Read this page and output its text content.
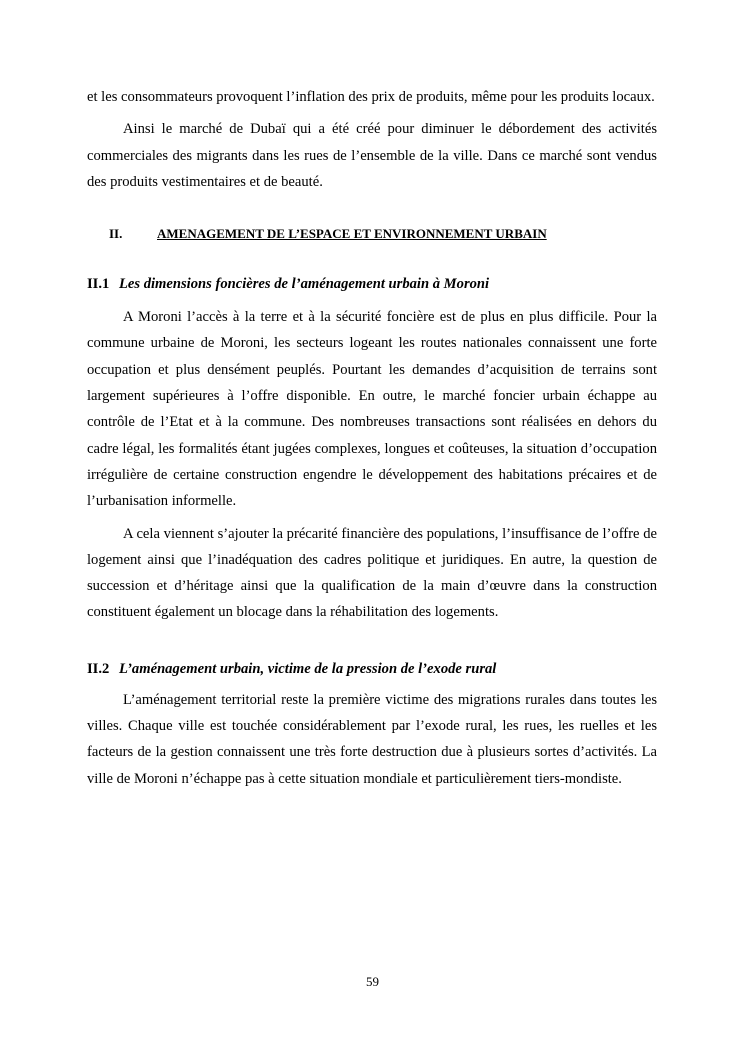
et les consommateurs provoquent l’inflation des prix de produits, même pour les produits locaux.

Ainsi le marché de Dubaï qui a été créé pour diminuer le débordement des activités commerciales des migrants dans les rues de l’ensemble de la ville. Dans ce marché sont vendus des produits vestimentaires et de beauté.

II.	AMENAGEMENT DE L’ESPACE ET ENVIRONNEMENT URBAIN
II.1 Les dimensions foncières de l’aménagement urbain à Moroni

A Moroni l’accès à la terre et à la sécurité foncière est de plus en plus difficile. Pour la commune urbaine de Moroni, les secteurs logeant les routes nationales connaissent une forte occupation et plus densément peuplés. Pourtant les demandes d’acquisition de terrains sont largement supérieures à l’offre disponible. En outre, le marché foncier urbain échappe au contrôle de l’Etat et à la commune. Des nombreuses transactions sont réalisées en dehors du cadre légal, les formalités étant jugées complexes, longues et coûteuses, la situation d’occupation irrégulière de certaine construction engendre le développement des habitations précaires et de l’urbanisation informelle.

A cela viennent s’ajouter la précarité financière des populations, l’insuffisance de l’offre de logement ainsi que l’inadéquation des cadres politique et juridiques. En autre, la question de succession et d’héritage ainsi que la qualification de la main d’œuvre dans la construction constituent également un blocage dans la réhabilitation des logements.

II.2 L’aménagement urbain, victime de la pression de l’exode rural

L’aménagement territorial reste la première victime des migrations rurales dans toutes les villes. Chaque ville est touchée considérablement par l’exode rural, les rues, les ruelles et les facteurs de la gestion connaissent une très forte destruction due à plusieurs sortes d’activités. La ville de Moroni n’échappe pas à cette situation mondiale et particulièrement tiers-mondiste.

59
